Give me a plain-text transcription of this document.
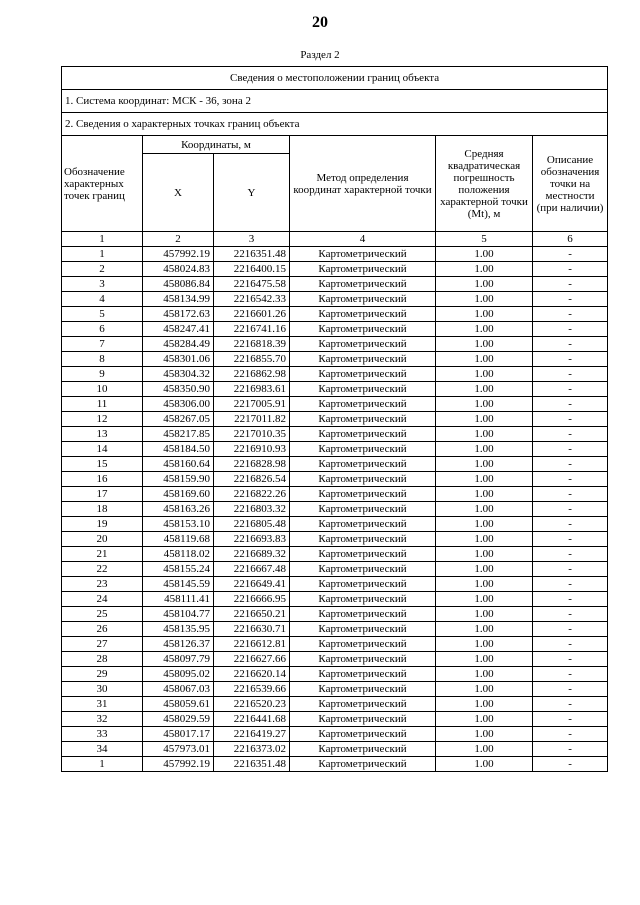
20
Раздел 2
Сведения о местоположении границ объекта					
1. Система координат: МСК - 36, зона 2					
2. Сведения о характерных точках границ объекта					
Обозначение характерных точек границ	Координаты, м		Метод определения координат характерной точки	Средняя квадратическая погрешность положения характерной точки (Mt), м	Описание обозначения точки на местности (при наличии)
	X	Y			
1	2	3	4	5	6
1	457992.19	2216351.48	Картометрический	1.00	-
2	458024.83	2216400.15	Картометрический	1.00	-
3	458086.84	2216475.58	Картометрический	1.00	-
4	458134.99	2216542.33	Картометрический	1.00	-
5	458172.63	2216601.26	Картометрический	1.00	-
6	458247.41	2216741.16	Картометрический	1.00	-
7	458284.49	2216818.39	Картометрический	1.00	-
8	458301.06	2216855.70	Картометрический	1.00	-
9	458304.32	2216862.98	Картометрический	1.00	-
10	458350.90	2216983.61	Картометрический	1.00	-
11	458306.00	2217005.91	Картометрический	1.00	-
12	458267.05	2217011.82	Картометрический	1.00	-
13	458217.85	2217010.35	Картометрический	1.00	-
14	458184.50	2216910.93	Картометрический	1.00	-
15	458160.64	2216828.98	Картометрический	1.00	-
16	458159.90	2216826.54	Картометрический	1.00	-
17	458169.60	2216822.26	Картометрический	1.00	-
18	458163.26	2216803.32	Картометрический	1.00	-
19	458153.10	2216805.48	Картометрический	1.00	-
20	458119.68	2216693.83	Картометрический	1.00	-
21	458118.02	2216689.32	Картометрический	1.00	-
22	458155.24	2216667.48	Картометрический	1.00	-
23	458145.59	2216649.41	Картометрический	1.00	-
24	458111.41	2216666.95	Картометрический	1.00	-
25	458104.77	2216650.21	Картометрический	1.00	-
26	458135.95	2216630.71	Картометрический	1.00	-
27	458126.37	2216612.81	Картометрический	1.00	-
28	458097.79	2216627.66	Картометрический	1.00	-
29	458095.02	2216620.14	Картометрический	1.00	-
30	458067.03	2216539.66	Картометрический	1.00	-
31	458059.61	2216520.23	Картометрический	1.00	-
32	458029.59	2216441.68	Картометрический	1.00	-
33	458017.17	2216419.27	Картометрический	1.00	-
34	457973.01	2216373.02	Картометрический	1.00	-
1	457992.19	2216351.48	Картометрический	1.00	-
